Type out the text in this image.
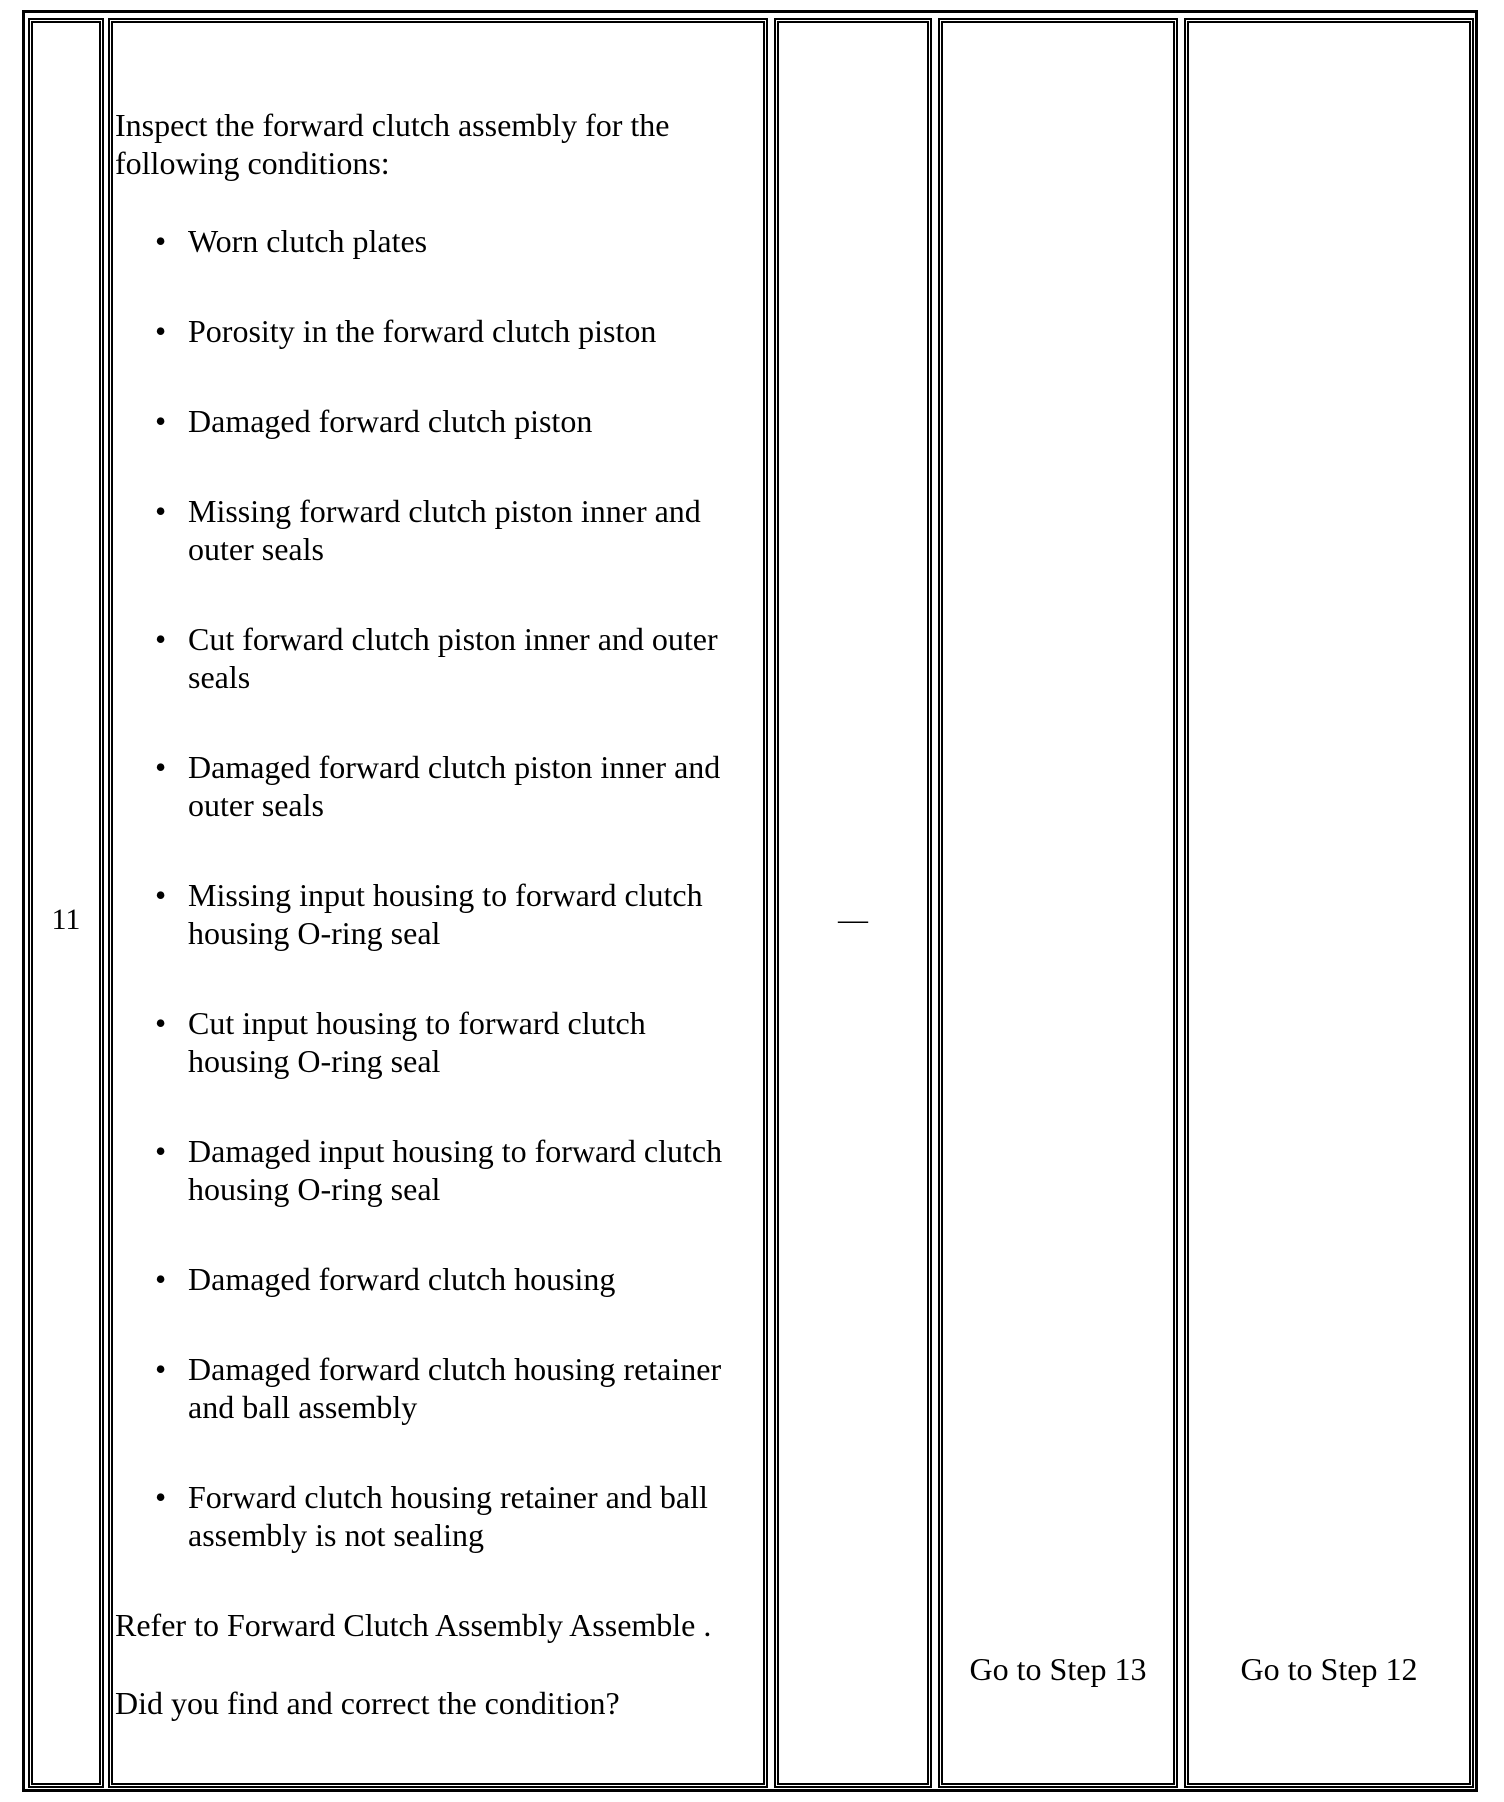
11

Inspect the forward clutch assembly for the following conditions:

• Worn clutch plates
• Porosity in the forward clutch piston
• Damaged forward clutch piston
• Missing forward clutch piston inner and outer seals
• Cut forward clutch piston inner and outer seals
• Damaged forward clutch piston inner and outer seals
• Missing input housing to forward clutch housing O-ring seal
• Cut input housing to forward clutch housing O-ring seal
• Damaged input housing to forward clutch housing O-ring seal
• Damaged forward clutch housing
• Damaged forward clutch housing retainer and ball assembly
• Forward clutch housing retainer and ball assembly is not sealing

Refer to Forward Clutch Assembly Assemble .

Did you find and correct the condition?

—
Go to Step 13	Go to Step 12
